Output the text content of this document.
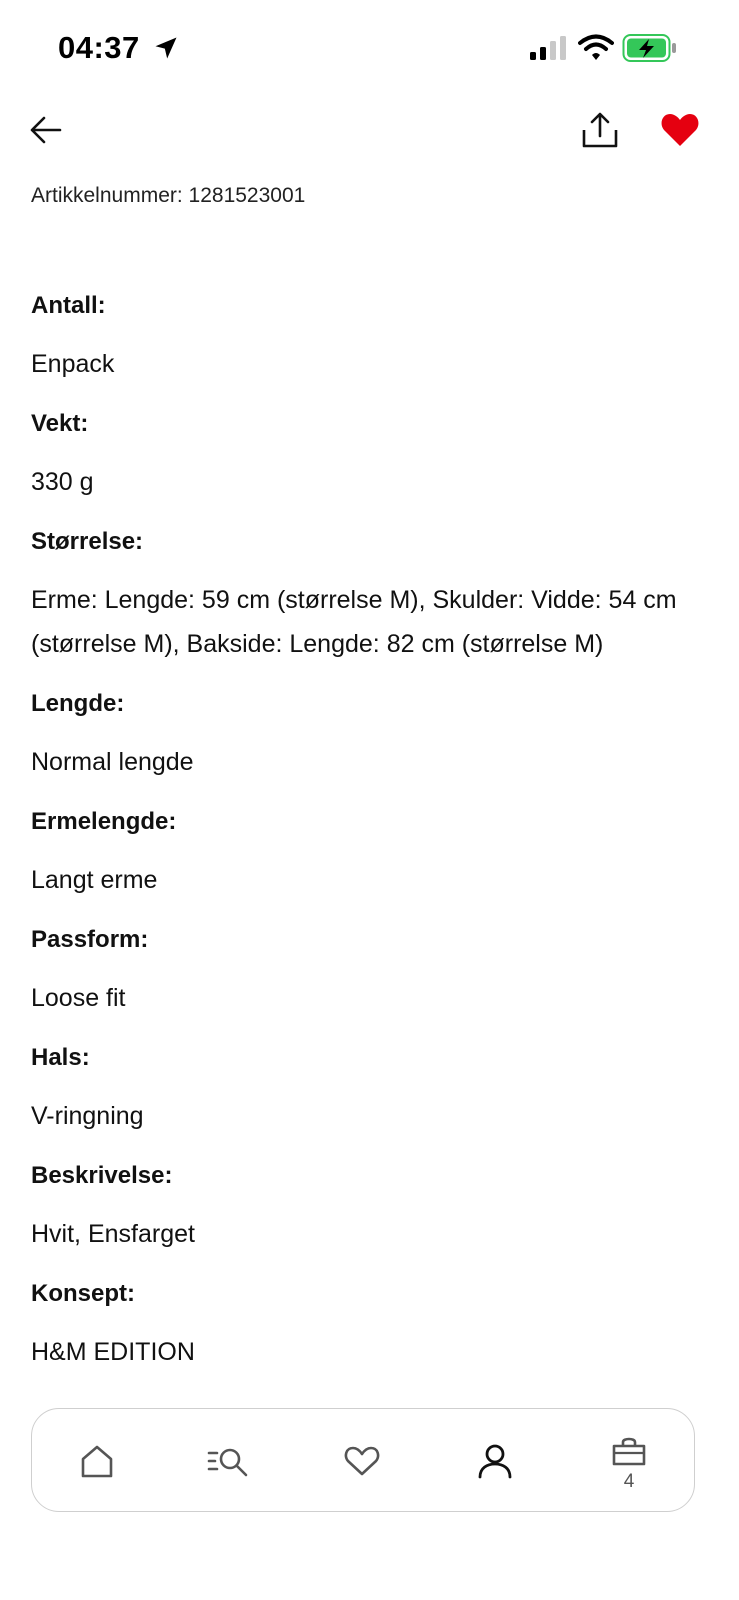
04:37
Artikkelnummer: 1281523001
Antall:
Enpack
Vekt:
330 g
Størrelse:
Erme: Lengde: 59 cm (størrelse M), Skulder: Vidde: 54 cm (størrelse M), Bakside: Lengde: 82 cm (størrelse M)
Lengde:
Normal lengde
Ermelengde:
Langt erme
Passform:
Loose fit
Hals:
V-ringning
Beskrivelse:
Hvit, Ensfarget
Konsept:
H&M EDITION
4
